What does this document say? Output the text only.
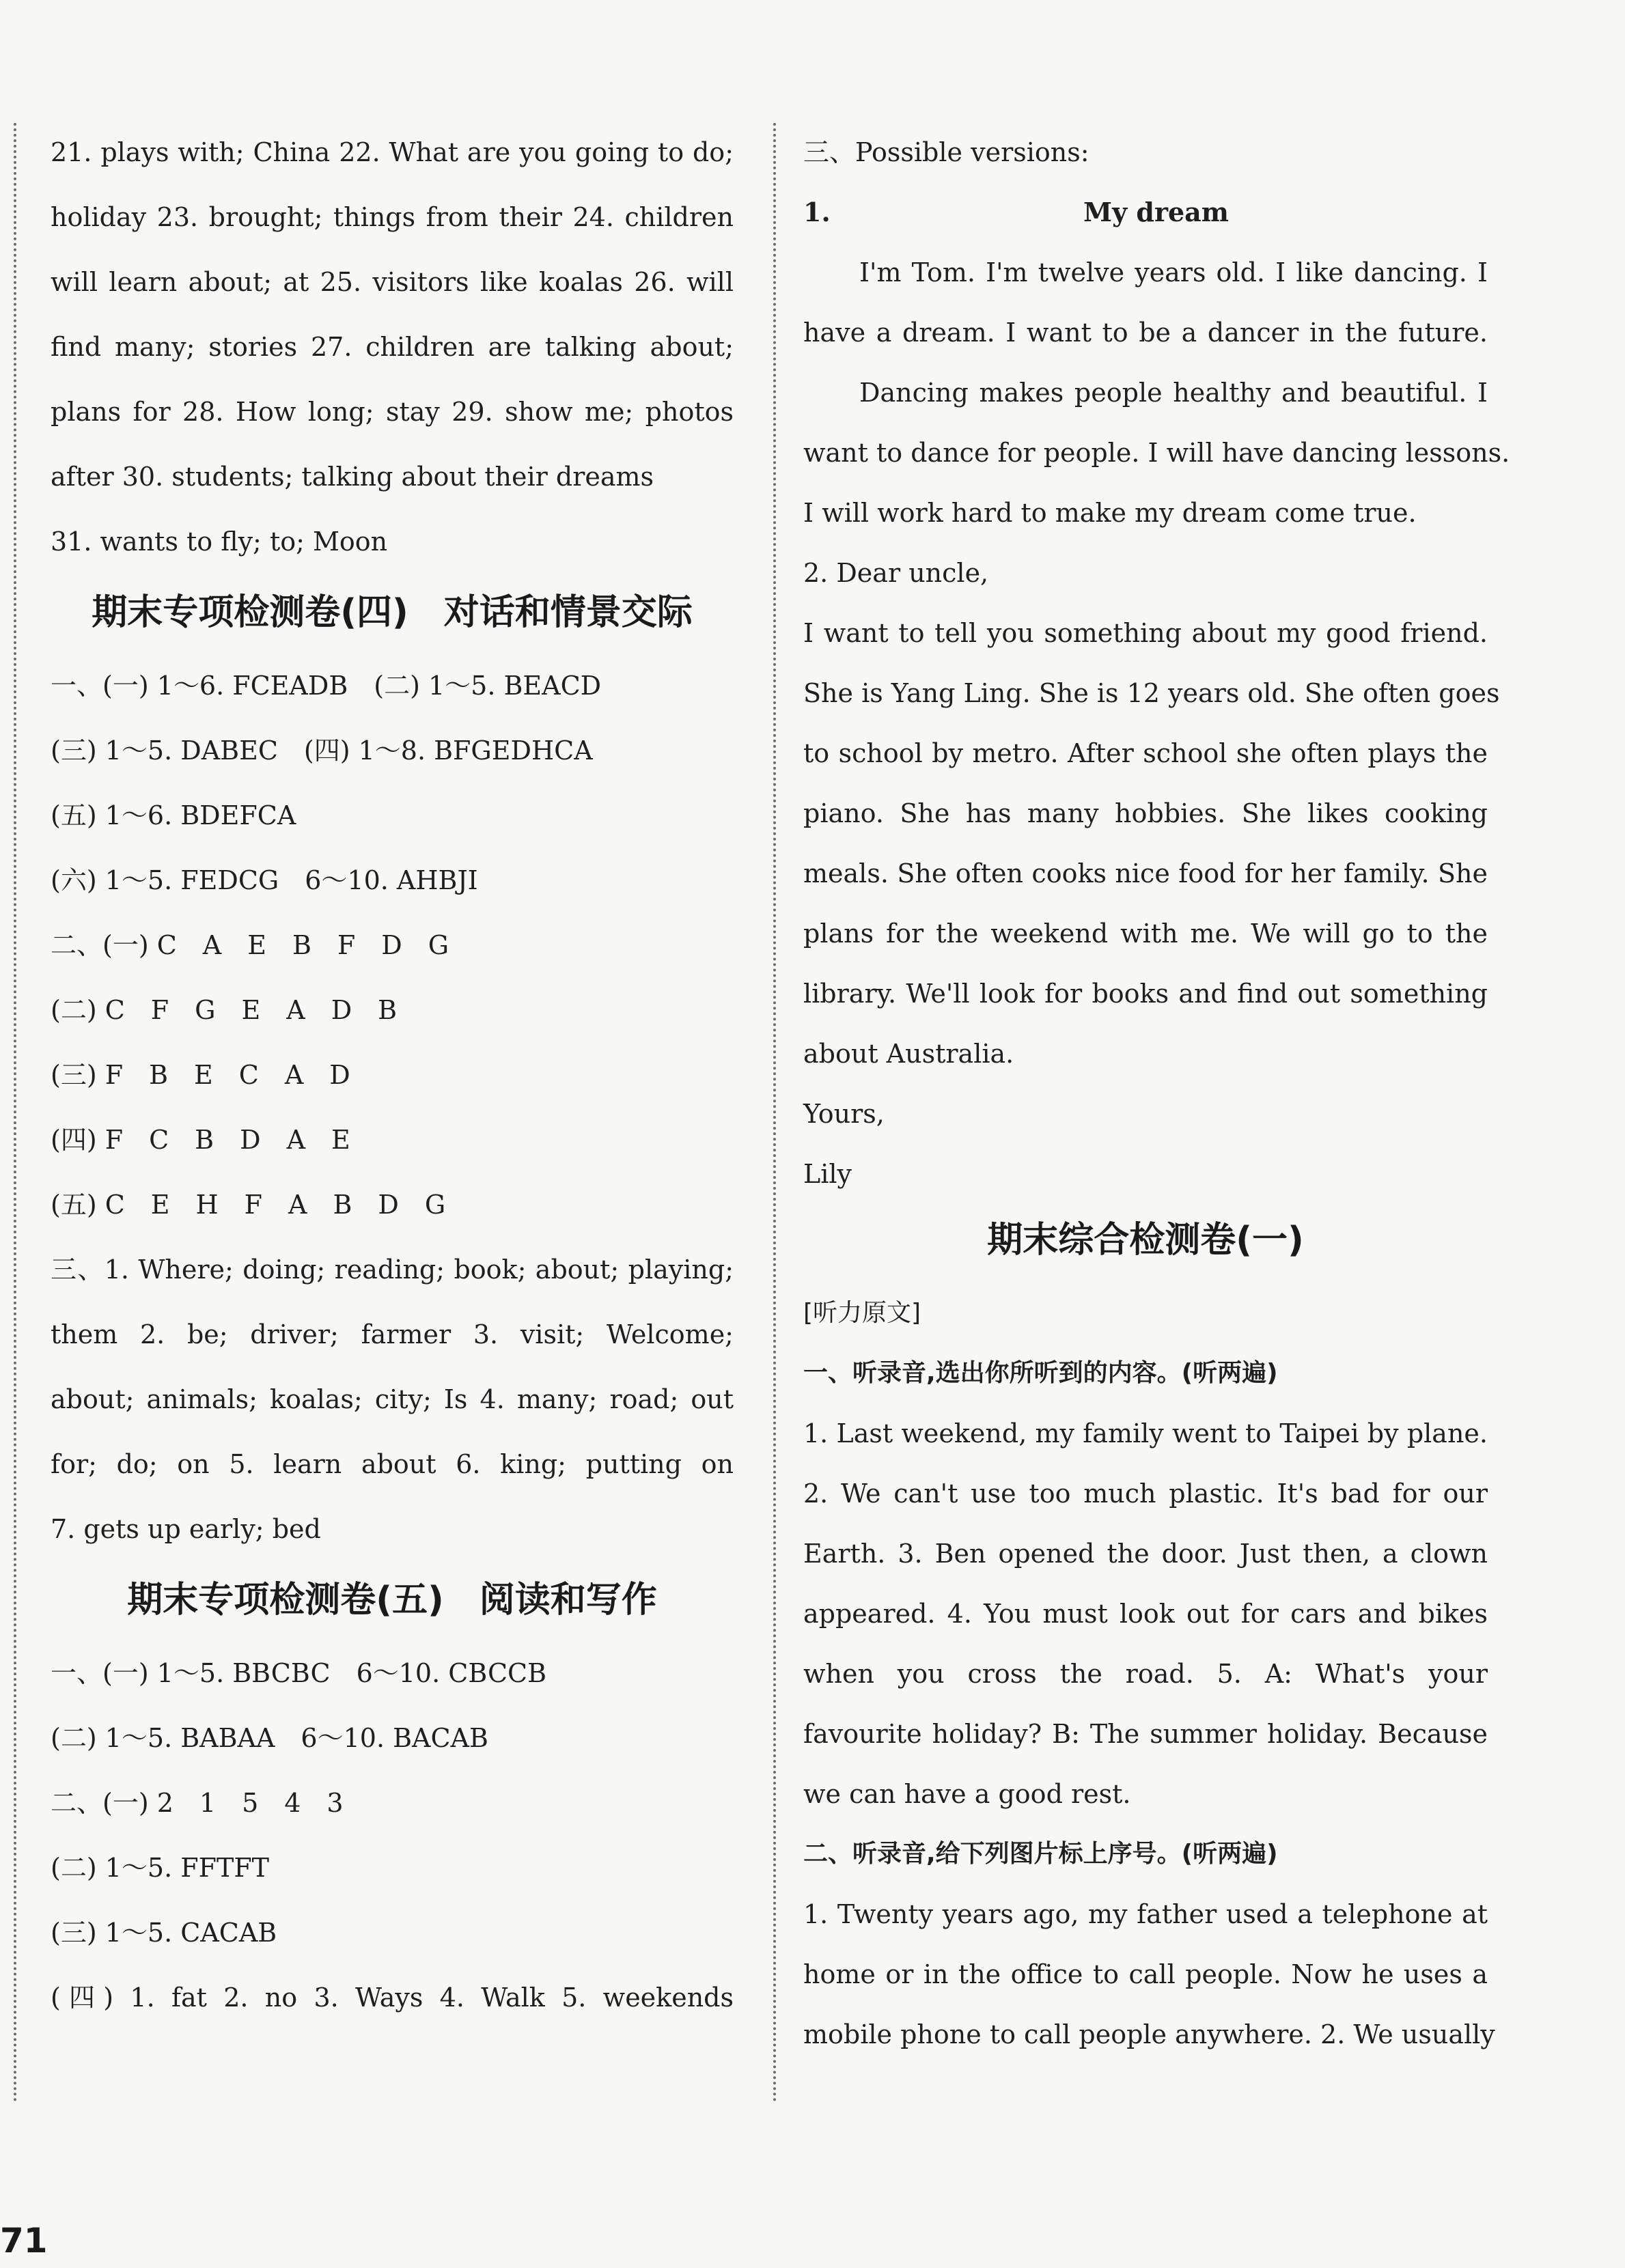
21. plays with; China 22. What are you going to do;
holiday 23. brought; things from their 24. children
will learn about; at 25. visitors like koalas 26. will
find many; stories 27. children are talking about;
plans for 28. How long; stay 29. show me; photos
after 30. students; talking about their dreams
31. wants to fly; to; Moon
期末专项检测卷(四)　对话和情景交际
一、(一) 1～6. FCEADB　(二) 1～5. BEACD
(三) 1～5. DABEC　(四) 1～8. BFGEDHCA
(五) 1～6. BDEFCA
(六) 1～5. FEDCG　6～10. AHBJI
二、(一) C　A　E　B　F　D　G
(二) C　F　G　E　A　D　B
(三) F　B　E　C　A　D
(四) F　C　B　D　A　E
(五) C　E　H　F　A　B　D　G
三、1. Where; doing; reading; book; about; playing;
them 2. be; driver; farmer 3. visit; Welcome;
about; animals; koalas; city; Is 4. many; road; out
for; do; on 5. learn about 6. king; putting on
7. gets up early; bed
期末专项检测卷(五)　阅读和写作
一、(一) 1～5. BBCBC　6～10. CBCCB
(二) 1～5. BABAA　6～10. BACAB
二、(一) 2　1　5　4　3
(二) 1～5. FFTFT
(三) 1～5. CACAB
(四) 1. fat 2. no 3. Ways 4. Walk 5. weekends
三、Possible versions:
1.	My dream
I'm Tom. I'm twelve years old. I like dancing. I
have a dream. I want to be a dancer in the future.
Dancing makes people healthy and beautiful. I
want to dance for people. I will have dancing lessons.
I will work hard to make my dream come true.
2. Dear uncle,
I want to tell you something about my good friend.
She is Yang Ling. She is 12 years old. She often goes
to school by metro. After school she often plays the
piano. She has many hobbies. She likes cooking
meals. She often cooks nice food for her family. She
plans for the weekend with me. We will go to the
library. We'll look for books and find out something
about Australia.
Yours,
Lily
期末综合检测卷(一)
[听力原文]
一、听录音,选出你所听到的内容。(听两遍)
1. Last weekend, my family went to Taipei by plane.
2. We can't use too much plastic. It's bad for our
Earth. 3. Ben opened the door. Just then, a clown
appeared. 4. You must look out for cars and bikes
when you cross the road. 5. A: What's your
favourite holiday? B: The summer holiday. Because
we can have a good rest.
二、听录音,给下列图片标上序号。(听两遍)
1. Twenty years ago, my father used a telephone at
home or in the office to call people. Now he uses a
mobile phone to call people anywhere. 2. We usually
71
